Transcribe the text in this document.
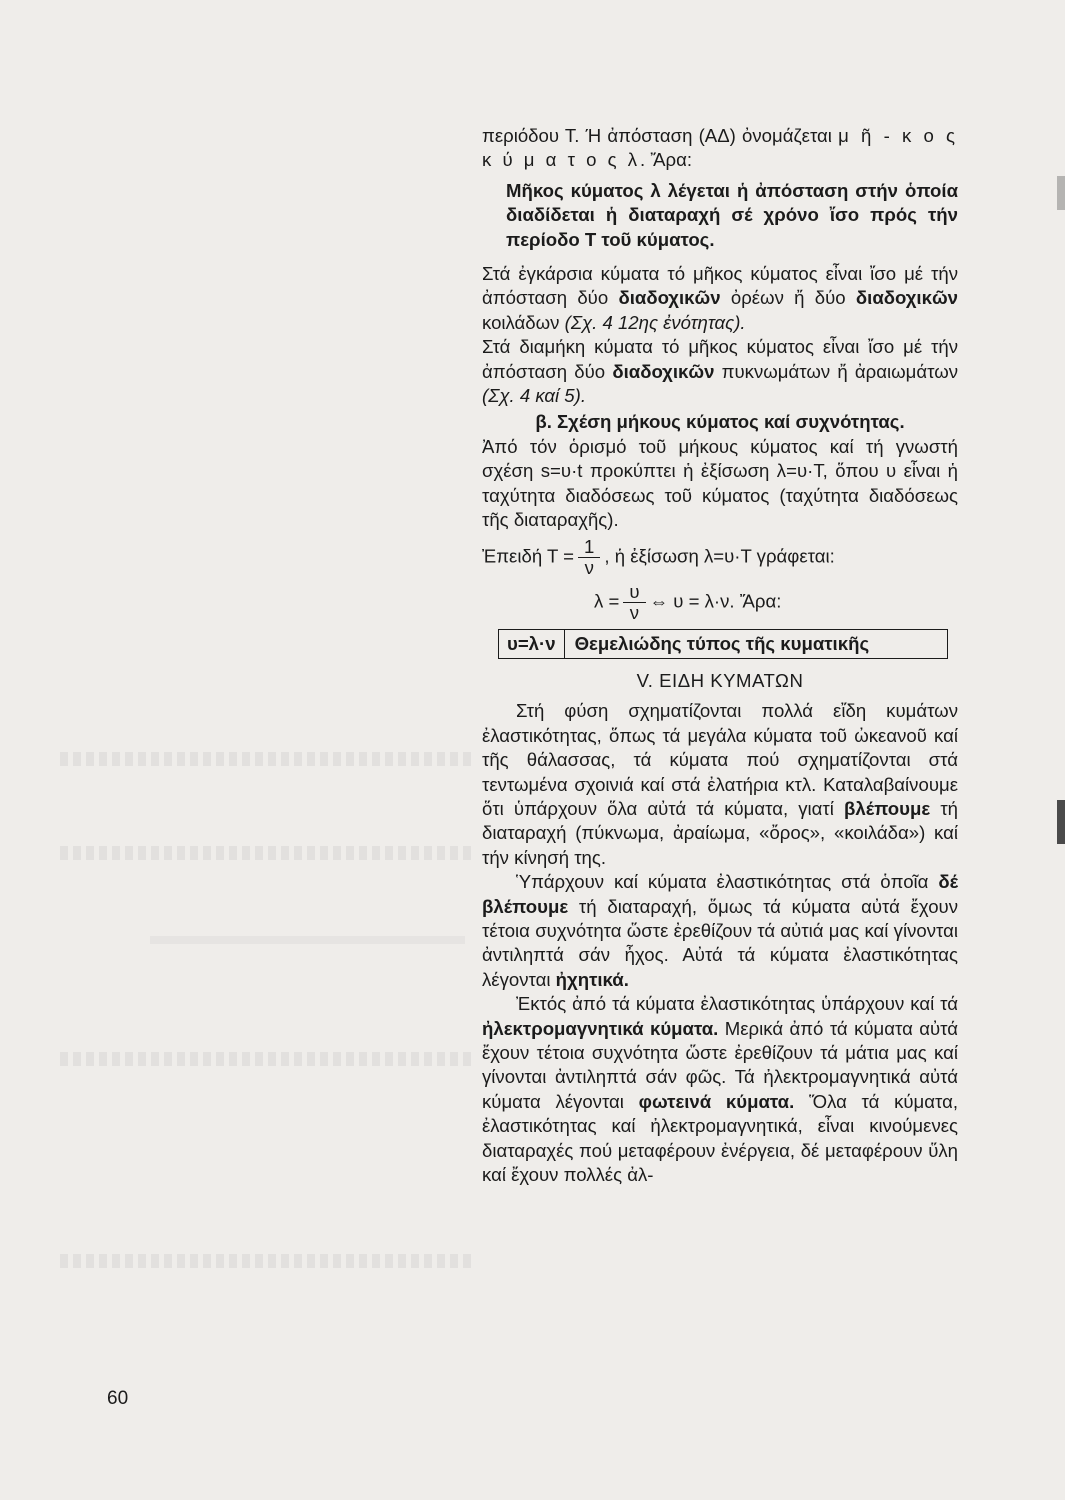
περιόδου Τ. Ή ἀπόσταση (ΑΔ) ὀνομάζεται μ ῆ - κ ο ς κ ύ μ α τ ο ς λ. Ἄρα:

Μῆκος κύματος λ λέγεται ἡ ἀπόσταση στήν ὁποία διαδίδεται ἡ διαταραχή σέ χρόνο ἴσο πρός τήν περίοδο Τ τοῦ κύματος.

Στά ἐγκάρσια κύματα τό μῆκος κύματος εἶναι ἴσο μέ τήν ἀπόσταση δύο διαδοχικῶν ὀρέων ἤ δύο διαδοχικῶν κοιλάδων (Σχ. 4 12ης ἐνότητας).

Στά διαμήκη κύματα τό μῆκος κύματος εἶναι ἴσο μέ τήν ἀπόσταση δύο διαδοχικῶν πυκνωμάτων ἤ ἀραιωμάτων (Σχ. 4 καί 5).

β. Σχέση μήκους κύματος καί συχνότητας.

Ἀπό τόν ὁρισμό τοῦ μήκους κύματος καί τή γνωστή σχέση s=υ·t προκύπτει ἡ ἐξίσωση λ=υ·Τ, ὅπου υ εἶναι ἡ ταχύτητα διαδόσεως τοῦ κύματος (ταχύτητα διαδόσεως τῆς διαταραχῆς).

Ἐπειδή $T = \frac{1}{\nu}$ , ἡ ἐξίσωση λ=υ·Τ γράφεται:

$\lambda = \frac{\upsilon}{\nu}$ ⇔ υ = λ·ν. Ἄρα:

υ=λ·ν	Θεμελιώδης τύπος τῆς κυματικῆς

V. ΕΙΔΗ ΚΥΜΑΤΩΝ

Στή φύση σχηματίζονται πολλά εἴδη κυμάτων ἐλαστικότητας, ὅπως τά μεγάλα κύματα τοῦ ὠκεανοῦ καί τῆς θάλασσας, τά κύματα πού σχηματίζονται στά τεντωμένα σχοινιά καί στά ἐλατήρια κτλ. Καταλαβαίνουμε ὅτι ὑπάρχουν ὅλα αὐτά τά κύματα, γιατί βλέπουμε τή διαταραχή (πύκνωμα, ἀραίωμα, «ὄρος», «κοιλάδα») καί τήν κίνησή της.

Ὑπάρχουν καί κύματα ἐλαστικότητας στά ὁποῖα δέ βλέπουμε τή διαταραχή, ὅμως τά κύματα αὐτά ἔχουν τέτοια συχνότητα ὥστε ἐρεθίζουν τά αὐτιά μας καί γίνονται ἀντιληπτά σάν ἦχος. Αὐτά τά κύματα ἐλαστικότητας λέγονται ἠχητικά.

Ἐκτός ἀπό τά κύματα ἐλαστικότητας ὑπάρχουν καί τά ἠλεκτρομαγνητικά κύματα. Μερικά ἀπό τά κύματα αὐτά ἔχουν τέτοια συχνότητα ὥστε ἐρεθίζουν τά μάτια μας καί γίνονται ἀντιληπτά σάν φῶς. Τά ἠλεκτρομαγνητικά αὐτά κύματα λέγονται φωτεινά κύματα. Ὅλα τά κύματα, ἐλαστικότητας καί ἠλεκτρομαγνητικά, εἶναι κινούμενες διαταραχές πού μεταφέρουν ἐνέργεια, δέ μεταφέρουν ὕλη καί ἔχουν πολλές ἀλ-

60
